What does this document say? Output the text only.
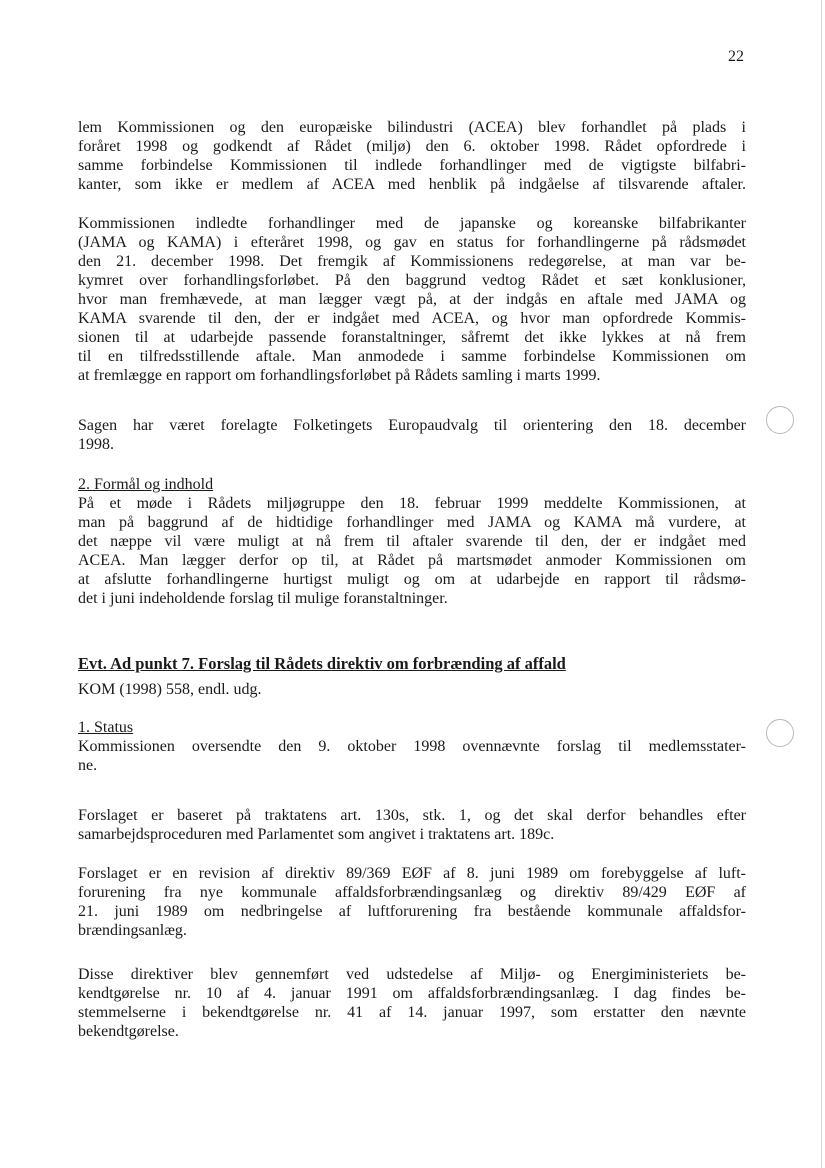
22
lem Kommissionen og den europæiske bilindustri (ACEA) blev forhandlet på plads i
foråret 1998 og godkendt af Rådet (miljø) den 6. oktober 1998. Rådet opfordrede i
samme forbindelse Kommissionen til indlede forhandlinger med de vigtigste bilfabri-
kanter, som ikke er medlem af ACEA med henblik på indgåelse af tilsvarende aftaler.
Kommissionen indledte forhandlinger med de japanske og koreanske bilfabrikanter
(JAMA og KAMA) i efteråret 1998, og gav en status for forhandlingerne på rådsmødet
den 21. december 1998. Det fremgik af Kommissionens redegørelse, at man var be-
kymret over forhandlingsforløbet. På den baggrund vedtog Rådet et sæt konklusioner,
hvor man fremhævede, at man lægger vægt på, at der indgås en aftale med JAMA og
KAMA svarende til den, der er indgået med ACEA, og hvor man opfordrede Kommis-
sionen til at udarbejde passende foranstaltninger, såfremt det ikke lykkes at nå frem
til en tilfredsstillende aftale. Man anmodede i samme forbindelse Kommissionen om
at fremlægge en rapport om forhandlingsforløbet på Rådets samling i marts 1999.
Sagen har været forelagte Folketingets Europaudvalg til orientering den 18. december
1998.
2. Formål og indhold
På et møde i Rådets miljøgruppe den 18. februar 1999 meddelte Kommissionen, at
man på baggrund af de hidtidige forhandlinger med JAMA og KAMA må vurdere, at
det næppe vil være muligt at nå frem til aftaler svarende til den, der er indgået med
ACEA. Man lægger derfor op til, at Rådet på martsmødet anmoder Kommissionen om
at afslutte forhandlingerne hurtigst muligt og om at udarbejde en rapport til rådsmø-
det i juni indeholdende forslag til mulige foranstaltninger.
Evt. Ad punkt 7. Forslag til Rådets direktiv om forbrænding af affald
KOM (1998) 558, endl. udg.
1. Status
Kommissionen oversendte den 9. oktober 1998 ovennævnte forslag til medlemsstater-
ne.
Forslaget er baseret på traktatens art. 130s, stk. 1, og det skal derfor behandles efter
samarbejdsproceduren med Parlamentet som angivet i traktatens art. 189c.
Forslaget er en revision af direktiv 89/369 EØF af 8. juni 1989 om forebyggelse af luft-
forurening fra nye kommunale affaldsforbrændingsanlæg og direktiv 89/429 EØF af
21. juni 1989 om nedbringelse af luftforurening fra bestående kommunale affaldsfor-
brændingsanlæg.
Disse direktiver blev gennemført ved udstedelse af Miljø- og Energiministeriets be-
kendtgørelse nr. 10 af 4. januar 1991 om affaldsforbrændingsanlæg. I dag findes be-
stemmelserne i bekendtgørelse nr. 41 af 14. januar 1997, som erstatter den nævnte
bekendtgørelse.
